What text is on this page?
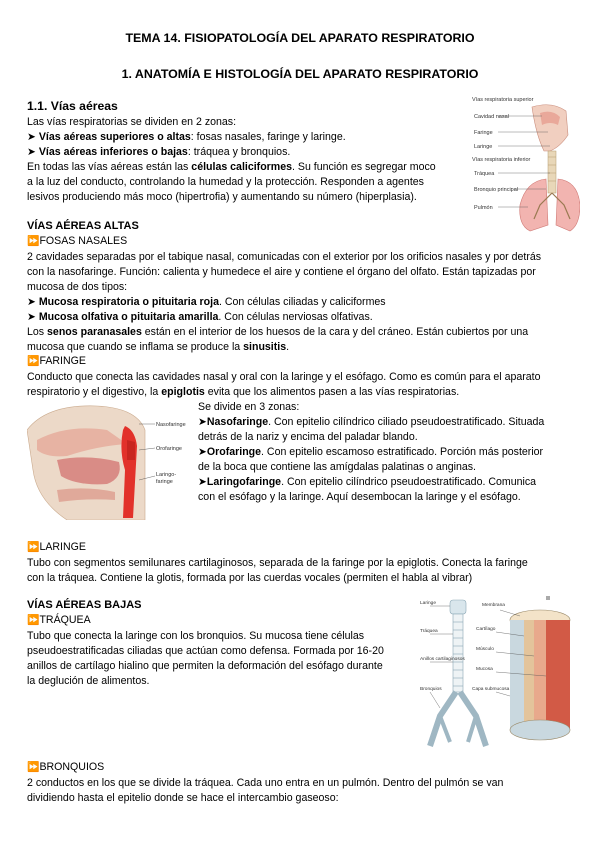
TEMA 14. FISIOPATOLOGÍA DEL APARATO RESPIRATORIO
1. ANATOMÍA E HISTOLOGÍA DEL APARATO RESPIRATORIO
1.1. Vías aéreas
Las vías respiratorias se dividen en 2 zonas:
➤ Vías aéreas superiores o altas: fosas nasales, faringe y laringe.
➤ Vías aéreas inferiores o bajas: tráquea y bronquios.
En todas las vías aéreas están las células caliciformes. Su función es segregar moco
a la luz del conducto, controlando la humedad y la protección. Responden a agentes
lesivos produciendo más moco (hipertrofia) y aumentando su número (hiperplasia).
Vías respiratoria superior
Cavidad nasal
Faringe
Laringe
Vías respiratoria inferior
Tráquea
Bronquio principal
Pulmón
VÍAS AÉREAS ALTAS
⏩FOSAS NASALES
2 cavidades separadas por el tabique nasal, comunicadas con el exterior por los orificios nasales y por detrás
con la nasofaringe. Función: calienta y humedece el aire y contiene el órgano del olfato. Están tapizadas por
mucosa de dos tipos:
➤ Mucosa respiratoria o pituitaria roja. Con células ciliadas y caliciformes
➤ Mucosa olfativa o pituitaria amarilla. Con células nerviosas olfativas.
Los senos paranasales están en el interior de los huesos de la cara y del cráneo. Están cubiertos por una
mucosa que cuando se inflama se produce la sinusitis.
⏩FARINGE
Conducto que conecta las cavidades nasal y oral con la laringe y el esófago. Como es común para el aparato
respiratorio y el digestivo, la epiglotis evita que los alimentos pasen a las vías respiratorias.
Nasofaringe
Orofaringe
Laringo-
faringe
Se divide en 3 zonas:
➤Nasofaringe. Con epitelio cilíndrico ciliado pseudoestratificado. Situada
detrás de la nariz y encima del paladar blando.
➤Orofaringe. Con epitelio escamoso estratificado. Porción más posterior
de la boca que contiene las amígdalas palatinas o anginas.
➤Laringofaringe. Con epitelio cilíndrico pseudoestratificado. Comunica
con el esófago y la laringe. Aquí desembocan la laringe y el esófago.
⏩LARINGE
Tubo con segmentos semilunares cartilaginosos, separada de la faringe por la epiglotis. Conecta la faringe
con la tráquea. Contiene la glotis, formada por las cuerdas vocales (permiten el habla al vibrar)
VÍAS AÉREAS BAJAS
⏩TRÁQUEA
Tubo que conecta la laringe con los bronquios. Su mucosa tiene células
pseudoestratificadas ciliadas que actúan como defensa. Formada por 16-20
anillos de cartílago hialino que permiten la deformación del esófago durante
la deglución de alimentos.
Laringe
Tráquea
Anillos cartilaginosos
Bronquios
Membrana
Cartílago
Músculo
Mucosa
Capa submucosa
⏩BRONQUIOS
2 conductos en los que se divide la tráquea. Cada uno entra en un pulmón. Dentro del pulmón se van
dividiendo hasta el epitelio donde se hace el intercambio gaseoso:
